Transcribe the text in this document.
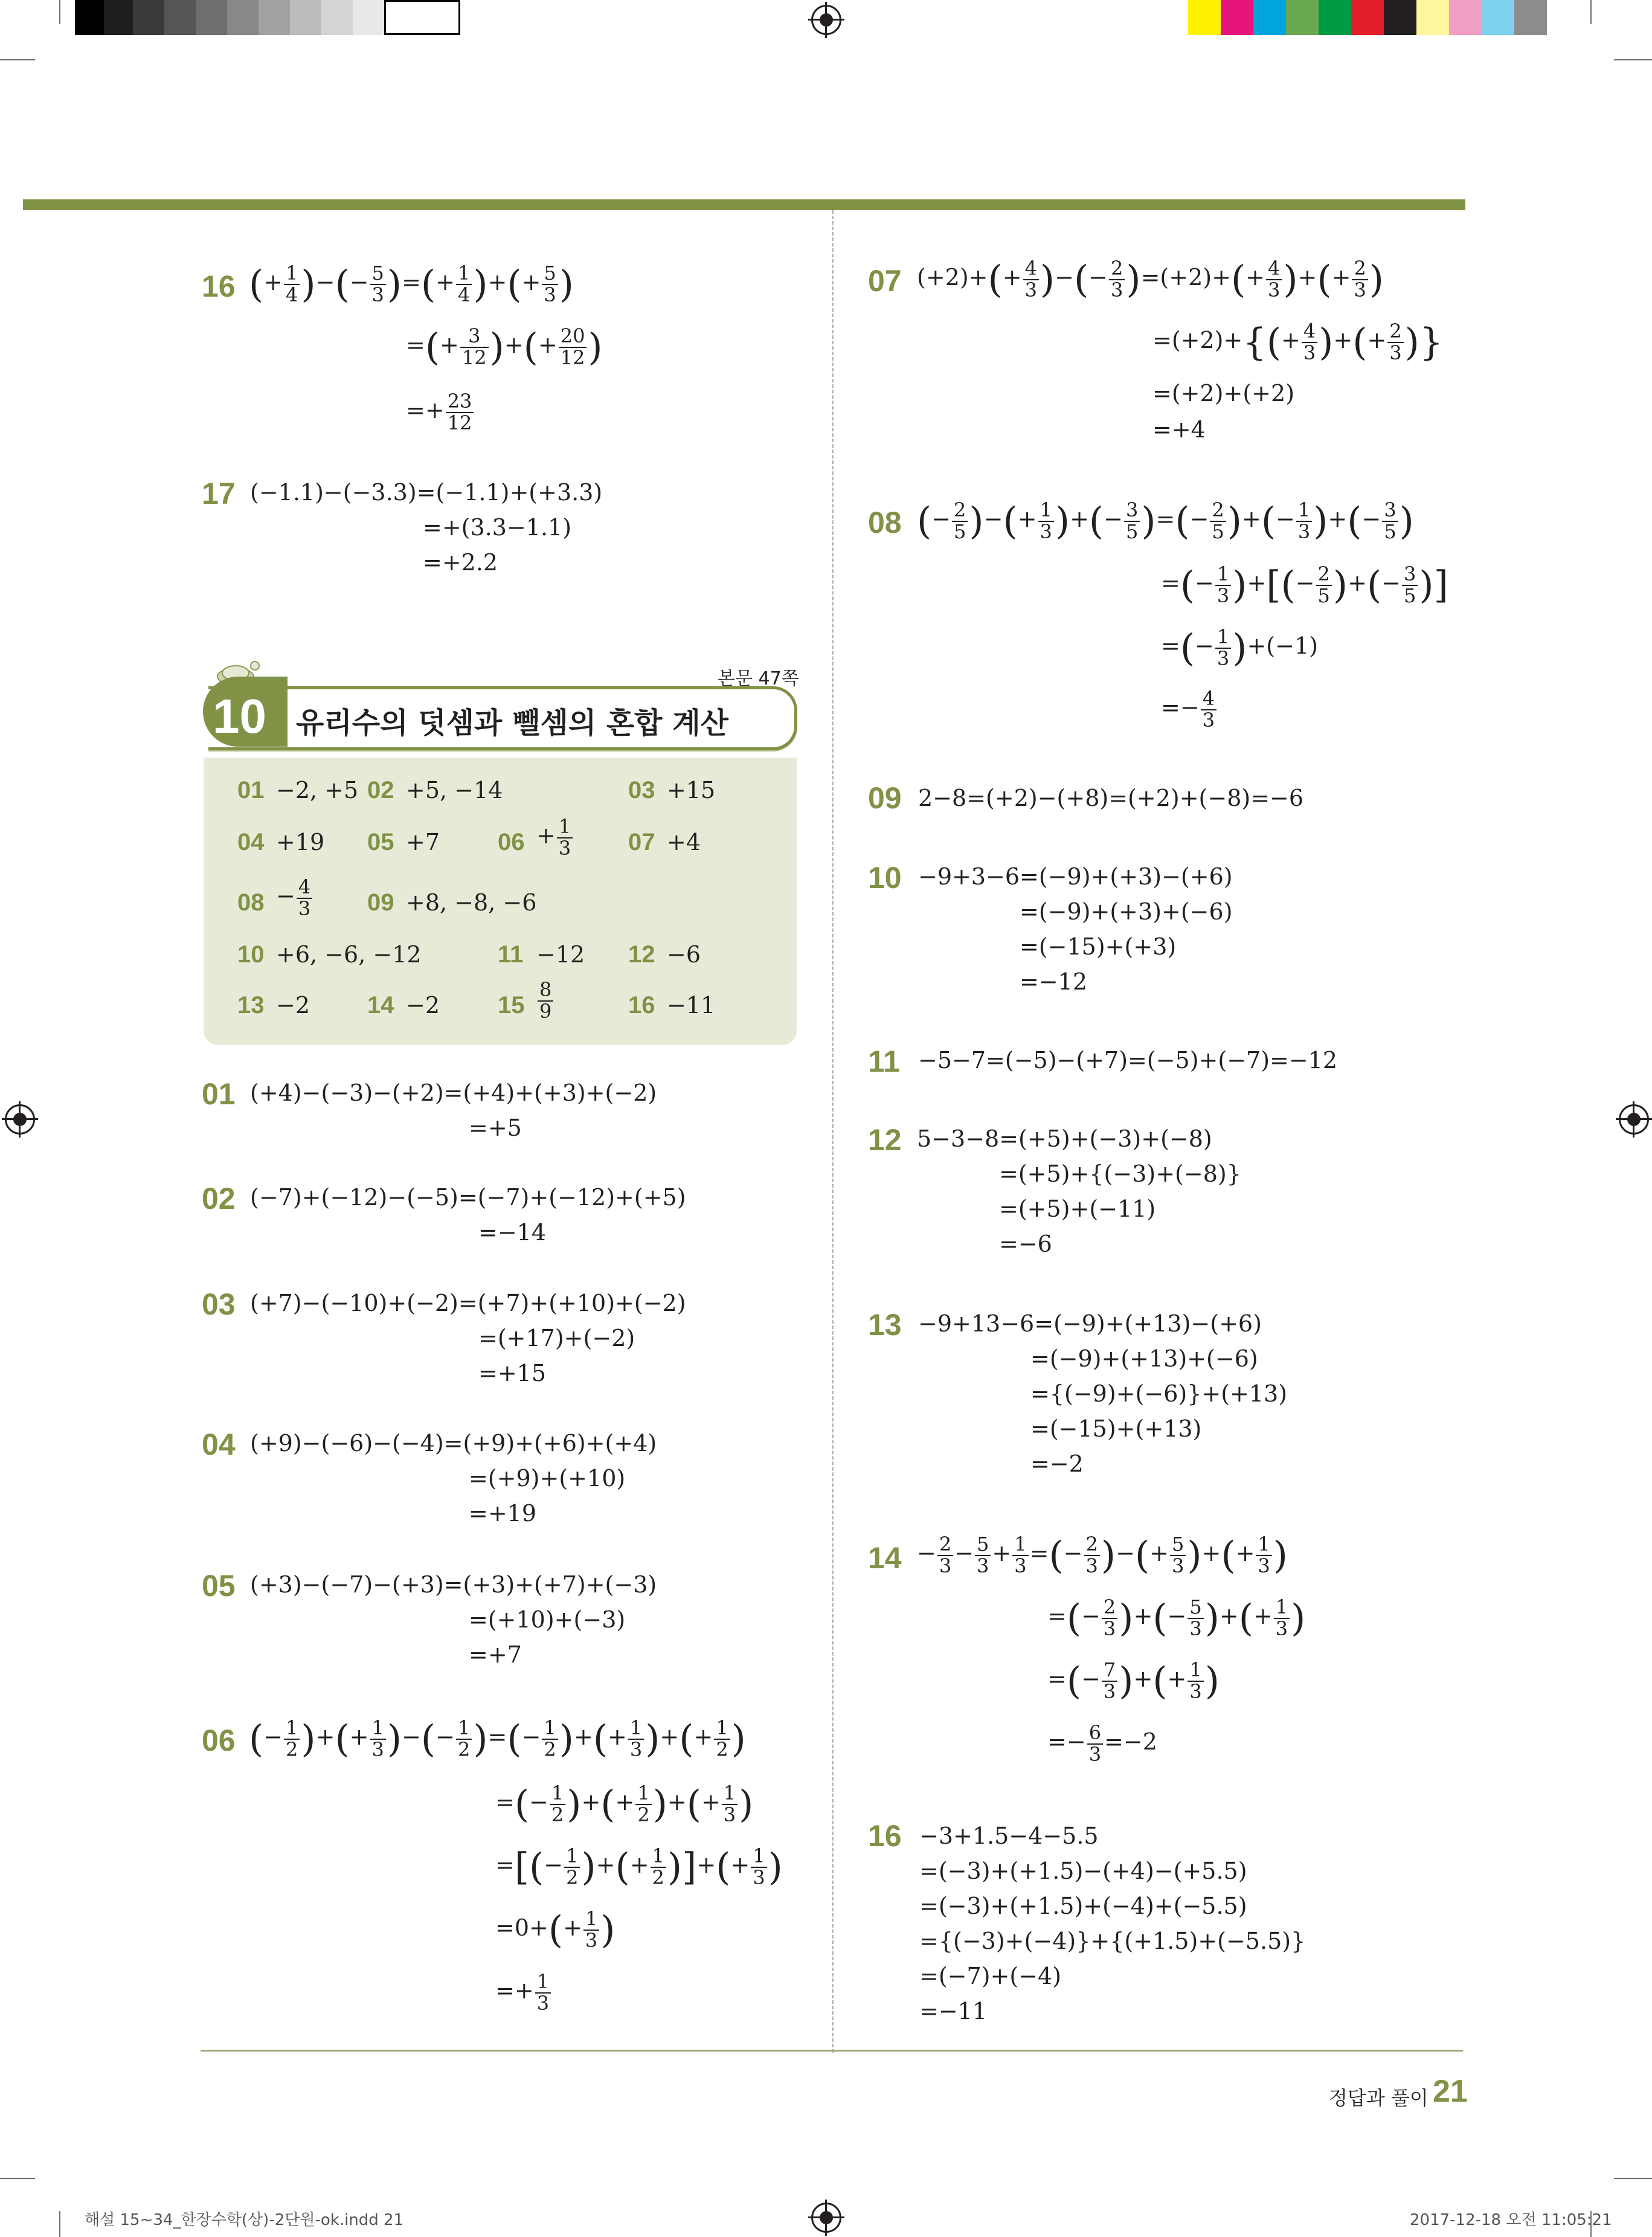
16 (+ $\frac{1}{4}$ )−(− $\frac{5}{3}$ )=(+ $\frac{1}{4}$ )+(+ $\frac{5}{3}$ )
=(+ $\frac{3}{12}$ )+(+ $\frac{20}{12}$ )
=+ $\frac{23}{12}$
17 (−1.1)−(−3.3)=(−1.1)+(+3.3)
=+(3.3−1.1)
=+2.2
10 유리수의 덧셈과 뺄셈의 혼합 계산
본문 47쪽
01 −2, +5 02 +5, −14	03 +15
04 +19 05 +7 $06 + \frac{1}{3} 07 +4$
$08 - \frac{4}{3} 09 +8$, −8, −6
10 +6, −6, −12	11 −12 12 −6
13 −2 14 −2 $15 \frac{8}{9}$	16 −11
01 (+4)−(−3)−(+2)=(+4)+(+3)+(−2)
=+5
02 (−7)+(−12)−(−5)=(−7)+(−12)+(+5)
=−14
03 (+7)−(−10)+(−2)=(+7)+(+10)+(−2)
=(+17)+(−2)
=+15
04 (+9)−(−6)−(−4)=(+9)+(+6)+(+4)
=(+9)+(+10)
=+19
05 (+3)−(−7)−(+3)=(+3)+(+7)+(−3)
=(+10)+(−3)
=+7
06 (− $\frac{1}{2}$ )+(+ $\frac{1}{3}$ )−(− $\frac{1}{2}$ )=(− $\frac{1}{2}$ )+(+ $\frac{1}{3}$ )+(+ $\frac{1}{2}$ )
=(− $\frac{1}{2}$ )+(+ $\frac{1}{2}$ )+(+ $\frac{1}{3}$ )
=[(− $\frac{1}{2}$ )+(+ $\frac{1}{2}$ )]+(+ $\frac{1}{3}$ )
$=0+(+ \frac{1}{3}$ )
=+ $\frac{1}{3}$
07 $(+2)+(+ \frac{4}{3}$ )−(− $\frac{2}{3} )=(+2)+(+ \frac{4}{3}$ )+(+ $\frac{2}{3}$ )
$=(+2)+\{(+ \frac{4}{3}$ )+(+ $\frac{2}{3}$ )}
=(+2)+(+2)
=+4
08 (− $\frac{2}{5}$ )−(+ $\frac{1}{3}$ )+(− $\frac{3}{5}$ )=(− $\frac{2}{5}$ )+(− $\frac{1}{3}$ )+(− $\frac{3}{5}$ )
=(− $\frac{1}{3}$ )+[(− $\frac{2}{5}$ )+(− $\frac{3}{5}$ )]
=(− $\frac{1}{3} )+(-1)$
=− $\frac{4}{3}$
09 2−8=(+2)−(+8)=(+2)+(−8)=−6
10 −9+3−6=(−9)+(+3)−(+6)
=(−9)+(+3)+(−6)
=(−15)+(+3)
=−12
11 −5−7=(−5)−(+7)=(−5)+(−7)=−12
12 5−3−8=(+5)+(−3)+(−8)
=(+5)+{(−3)+(−8)}
=(+5)+(−11)
=−6
13 −9+13−6=(−9)+(+13)−(+6)
=(−9)+(+13)+(−6)
={(−9)+(−6)}+(+13)
=(−15)+(+13)
=−2
$14 - \frac{2}{3} - \frac{5}{3} + \frac{1}{3}$ =(− $\frac{2}{3}$ )−(+ $\frac{5}{3}$ )+(+ $\frac{1}{3}$ )
=(− $\frac{2}{3}$ )+(− $\frac{5}{3}$ )+(+ $\frac{1}{3}$ )
=(− $\frac{7}{3}$ )+(+ $\frac{1}{3}$ )
=− $\frac{6}{3} =-2$
16 −3+1.5−4−5.5
=(−3)+(+1.5)−(+4)−(+5.5)
=(−3)+(+1.5)+(−4)+(−5.5)
={(−3)+(−4)}+{(+1.5)+(−5.5)}
=(−7)+(−4)
=−11
정답과 풀이 21
해설 15~34_한장수학(상)-2단원-ok.indd 21	2017-12-18 오전 11:05:21
